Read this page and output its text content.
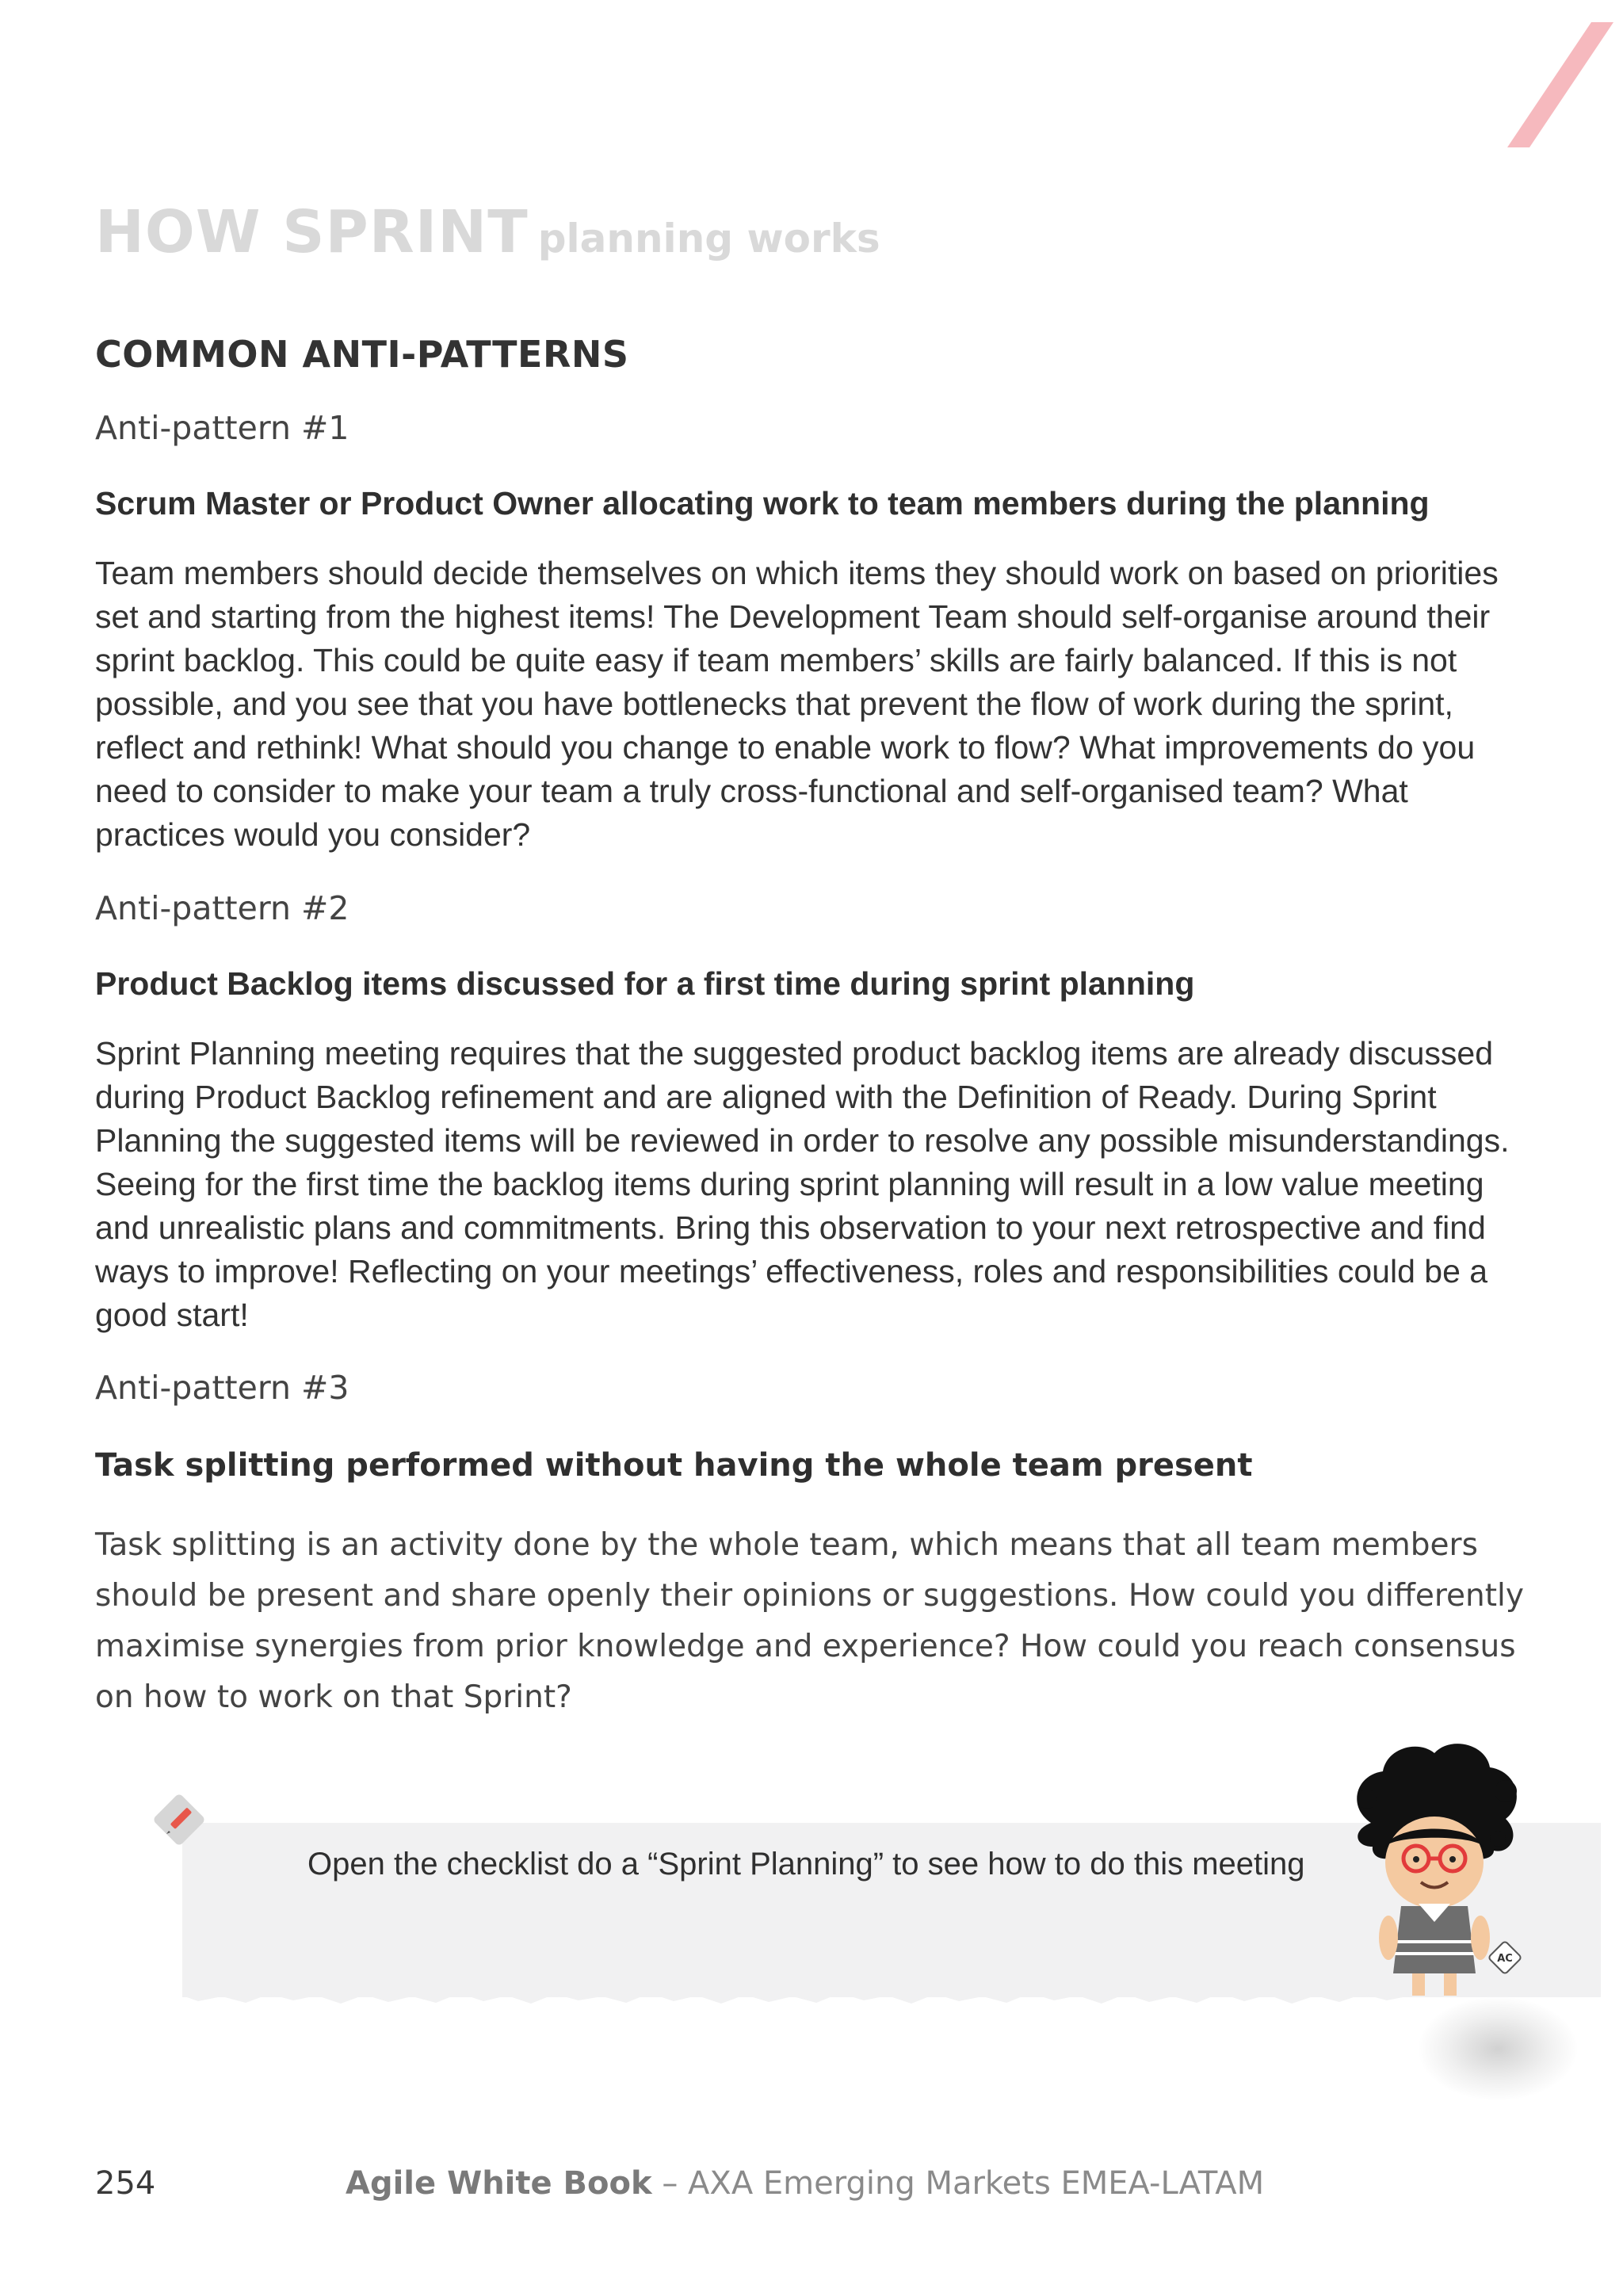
HOW SPRINT planning works
COMMON ANTI-PATTERNS
Anti-pattern #1
Scrum Master or Product Owner allocating work to team members during the planning
Team members should decide themselves on which items they should work on based on priorities set and starting from the highest items! The Development Team should self-organise around their sprint backlog. This could be quite easy if team members’ skills are fairly balanced. If this is not possible, and you see that you have bottlenecks that prevent the flow of work during the sprint, reflect and rethink! What should you change to enable work to flow? What improvements do you need to consider to make your team a truly cross-functional and self-organised team? What practices would you consider?
Anti-pattern #2
Product Backlog items discussed for a first time during sprint planning
Sprint Planning meeting requires that the suggested product backlog items are already discussed during Product Backlog refinement and are aligned with the Definition of Ready. During Sprint Planning the suggested items will be reviewed in order to resolve any possible misunderstandings. Seeing for the first time the backlog items during sprint planning will result in a low value meeting and unrealistic plans and commitments. Bring this observation to your next retrospective and find ways to improve! Reflecting on your meetings’ effectiveness, roles and responsibilities could be a good start!
Anti-pattern #3
Task splitting performed without having the whole team present
Task splitting is an activity done by the whole team, which means that all team members should be present and share openly their opinions or suggestions. How could you differently maximise synergies from prior knowledge and experience? How could you reach consensus on how to work on that Sprint?
Open the checklist do a “Sprint Planning” to see how to do this meeting
AC
254	Agile White Book – AXA Emerging Markets EMEA-LATAM
